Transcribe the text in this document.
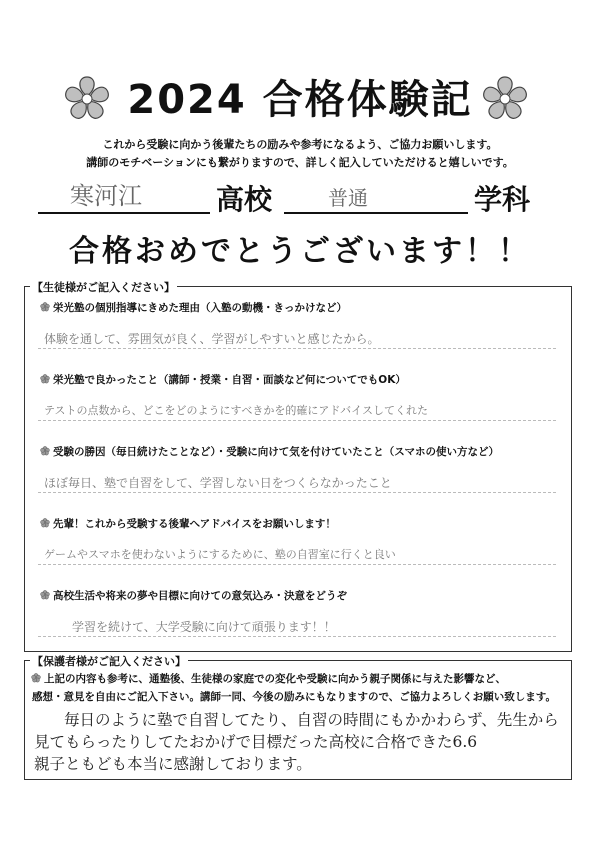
2024 合格体験記
これから受験に向かう後輩たちの励みや参考になるよう、ご協力お願いします。
講師のモチベーションにも繋がりますので、詳しく記入していただけると嬉しいです。
寒河江	高校	普通	学科
合格おめでとうございます！！
【生徒様がご記入ください】
栄光塾の個別指導にきめた理由（入塾の動機・きっかけなど）
体験を通して、雰囲気が良く、学習がしやすいと感じたから。
栄光塾で良かったこと（講師・授業・自習・面談など何についてでもOK）
テストの点数から、どこをどのようにすべきかを的確にアドバイスしてくれた
受験の勝因（毎日続けたことなど）・受験に向けて気を付けていたこと（スマホの使い方など）
ほぼ毎日、塾で自習をして、学習しない日をつくらなかったこと
先輩！これから受験する後輩へアドバイスをお願いします！
ゲームやスマホを使わないようにするために、塾の自習室に行くと良い
高校生活や将来の夢や目標に向けての意気込み・決意をどうぞ
学習を続けて、大学受験に向けて頑張ります！！
【保護者様がご記入ください】
上記の内容も参考に、通塾後、生徒様の家庭での変化や受験に向かう親子関係に与えた影響など、
感想・意見を自由にご記入下さい。講師一同、今後の励みにもなりますので、ご協力よろしくお願い致します。
毎日のように塾で自習してたり、自習の時間にもかかわらず、先生から
見てもらったりしてたおかげで目標だった高校に合格できた6.6
親子ともども本当に感謝しております。
